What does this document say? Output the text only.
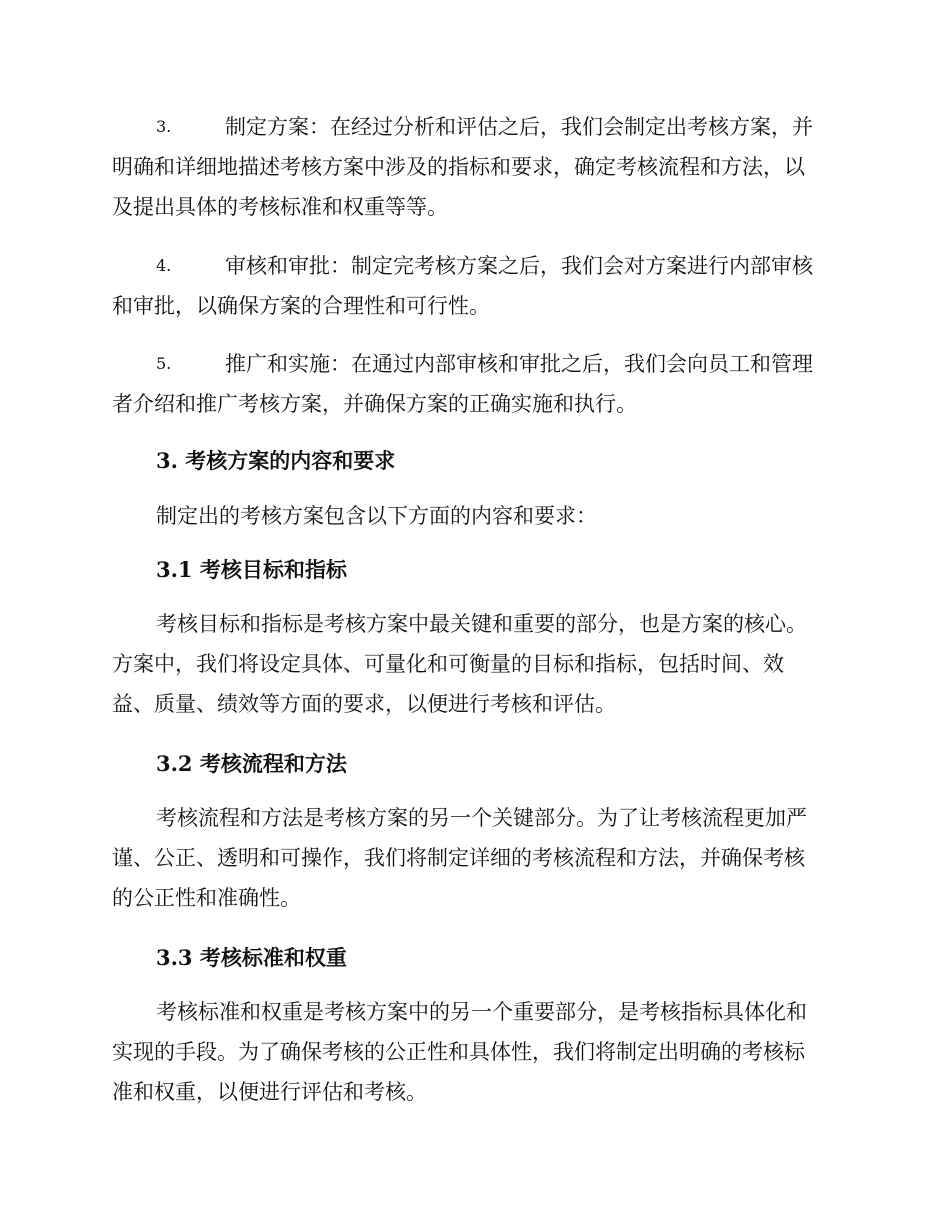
3.	制定方案：在经过分析和评估之后，我们会制定出考核方案，并
明确和详细地描述考核方案中涉及的指标和要求，确定考核流程和方法，以
及提出具体的考核标准和权重等等。
4.	审核和审批：制定完考核方案之后，我们会对方案进行内部审核
和审批，以确保方案的合理性和可行性。
5.	推广和实施：在通过内部审核和审批之后，我们会向员工和管理
者介绍和推广考核方案，并确保方案的正确实施和执行。
3. 考核方案的内容和要求
制定出的考核方案包含以下方面的内容和要求：
3.1 考核目标和指标
考核目标和指标是考核方案中最关键和重要的部分，也是方案的核心。
方案中，我们将设定具体、可量化和可衡量的目标和指标，包括时间、效
益、质量、绩效等方面的要求，以便进行考核和评估。
3.2 考核流程和方法
考核流程和方法是考核方案的另一个关键部分。为了让考核流程更加严
谨、公正、透明和可操作，我们将制定详细的考核流程和方法，并确保考核
的公正性和准确性。
3.3 考核标准和权重
考核标准和权重是考核方案中的另一个重要部分，是考核指标具体化和
实现的手段。为了确保考核的公正性和具体性，我们将制定出明确的考核标
准和权重，以便进行评估和考核。
